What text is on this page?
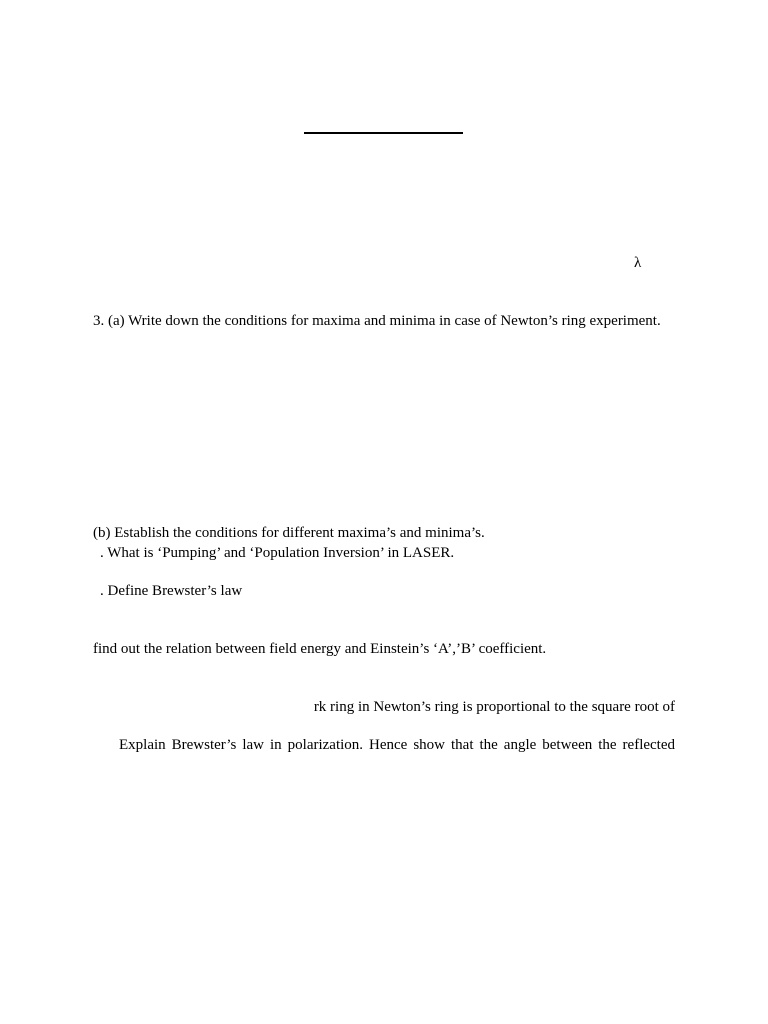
λ
3. (a) Write down the conditions for maxima and minima in case of Newton’s ring experiment.
(b) Establish the conditions for different maxima’s and minima’s.
. What is ‘Pumping’ and ‘Population Inversion’ in LASER.
. Define Brewster’s law
find out the relation between field energy and Einstein’s ‘A’,’B’ coefficient.
rk ring in Newton’s ring is proportional to the square root of
Explain Brewster’s law in polarization. Hence show that the angle between the reflected
